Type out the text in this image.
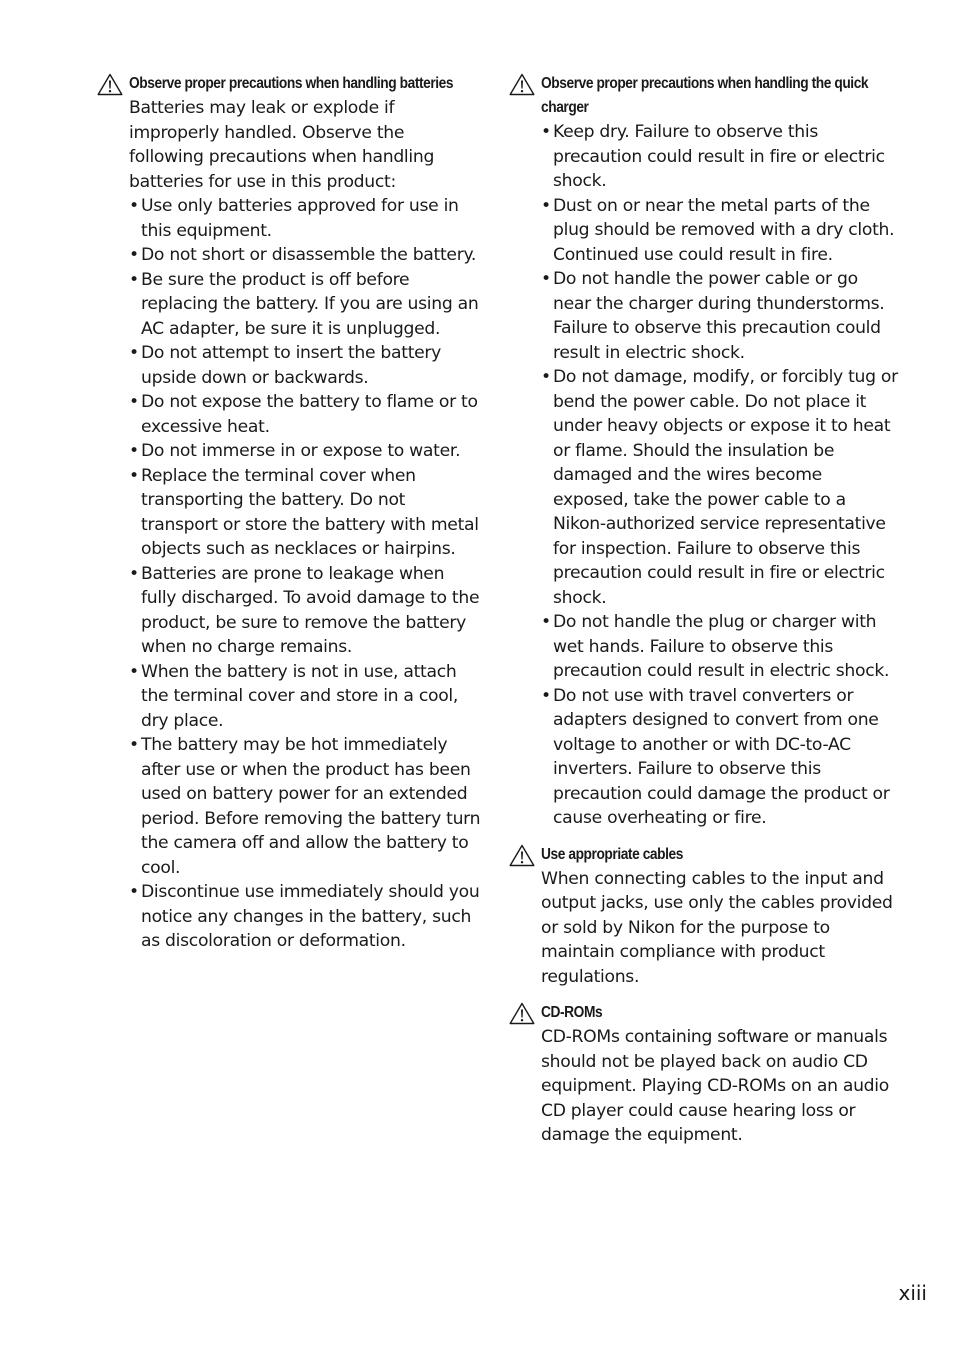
Observe proper precautions when handling batteries
Batteries may leak or explode if improperly handled. Observe the following precautions when handling batteries for use in this product:
• Use only batteries approved for use in this equipment.
• Do not short or disassemble the battery.
• Be sure the product is off before replacing the battery. If you are using an AC adapter, be sure it is unplugged.
• Do not attempt to insert the battery upside down or backwards.
• Do not expose the battery to flame or to excessive heat.
• Do not immerse in or expose to water.
• Replace the terminal cover when transporting the battery. Do not transport or store the battery with metal objects such as necklaces or hairpins.
• Batteries are prone to leakage when fully discharged. To avoid damage to the product, be sure to remove the battery when no charge remains.
• When the battery is not in use, attach the terminal cover and store in a cool, dry place.
• The battery may be hot immediately after use or when the product has been used on battery power for an extended period. Before removing the battery turn the camera off and allow the battery to cool.
• Discontinue use immediately should you notice any changes in the battery, such as discoloration or deformation.
Observe proper precautions when handling the quick charger
• Keep dry. Failure to observe this precaution could result in fire or electric shock.
• Dust on or near the metal parts of the plug should be removed with a dry cloth. Continued use could result in fire.
• Do not handle the power cable or go near the charger during thunderstorms. Failure to observe this precaution could result in electric shock.
• Do not damage, modify, or forcibly tug or bend the power cable. Do not place it under heavy objects or expose it to heat or flame. Should the insulation be damaged and the wires become exposed, take the power cable to a Nikon-authorized service representative for inspection. Failure to observe this precaution could result in fire or electric shock.
• Do not handle the plug or charger with wet hands. Failure to observe this precaution could result in electric shock.
• Do not use with travel converters or adapters designed to convert from one voltage to another or with DC-to-AC inverters. Failure to observe this precaution could damage the product or cause overheating or fire.
Use appropriate cables
When connecting cables to the input and output jacks, use only the cables provided or sold by Nikon for the purpose to maintain compliance with product regulations.
CD-ROMs
CD-ROMs containing software or manuals should not be played back on audio CD equipment. Playing CD-ROMs on an audio CD player could cause hearing loss or damage the equipment.
xiii
